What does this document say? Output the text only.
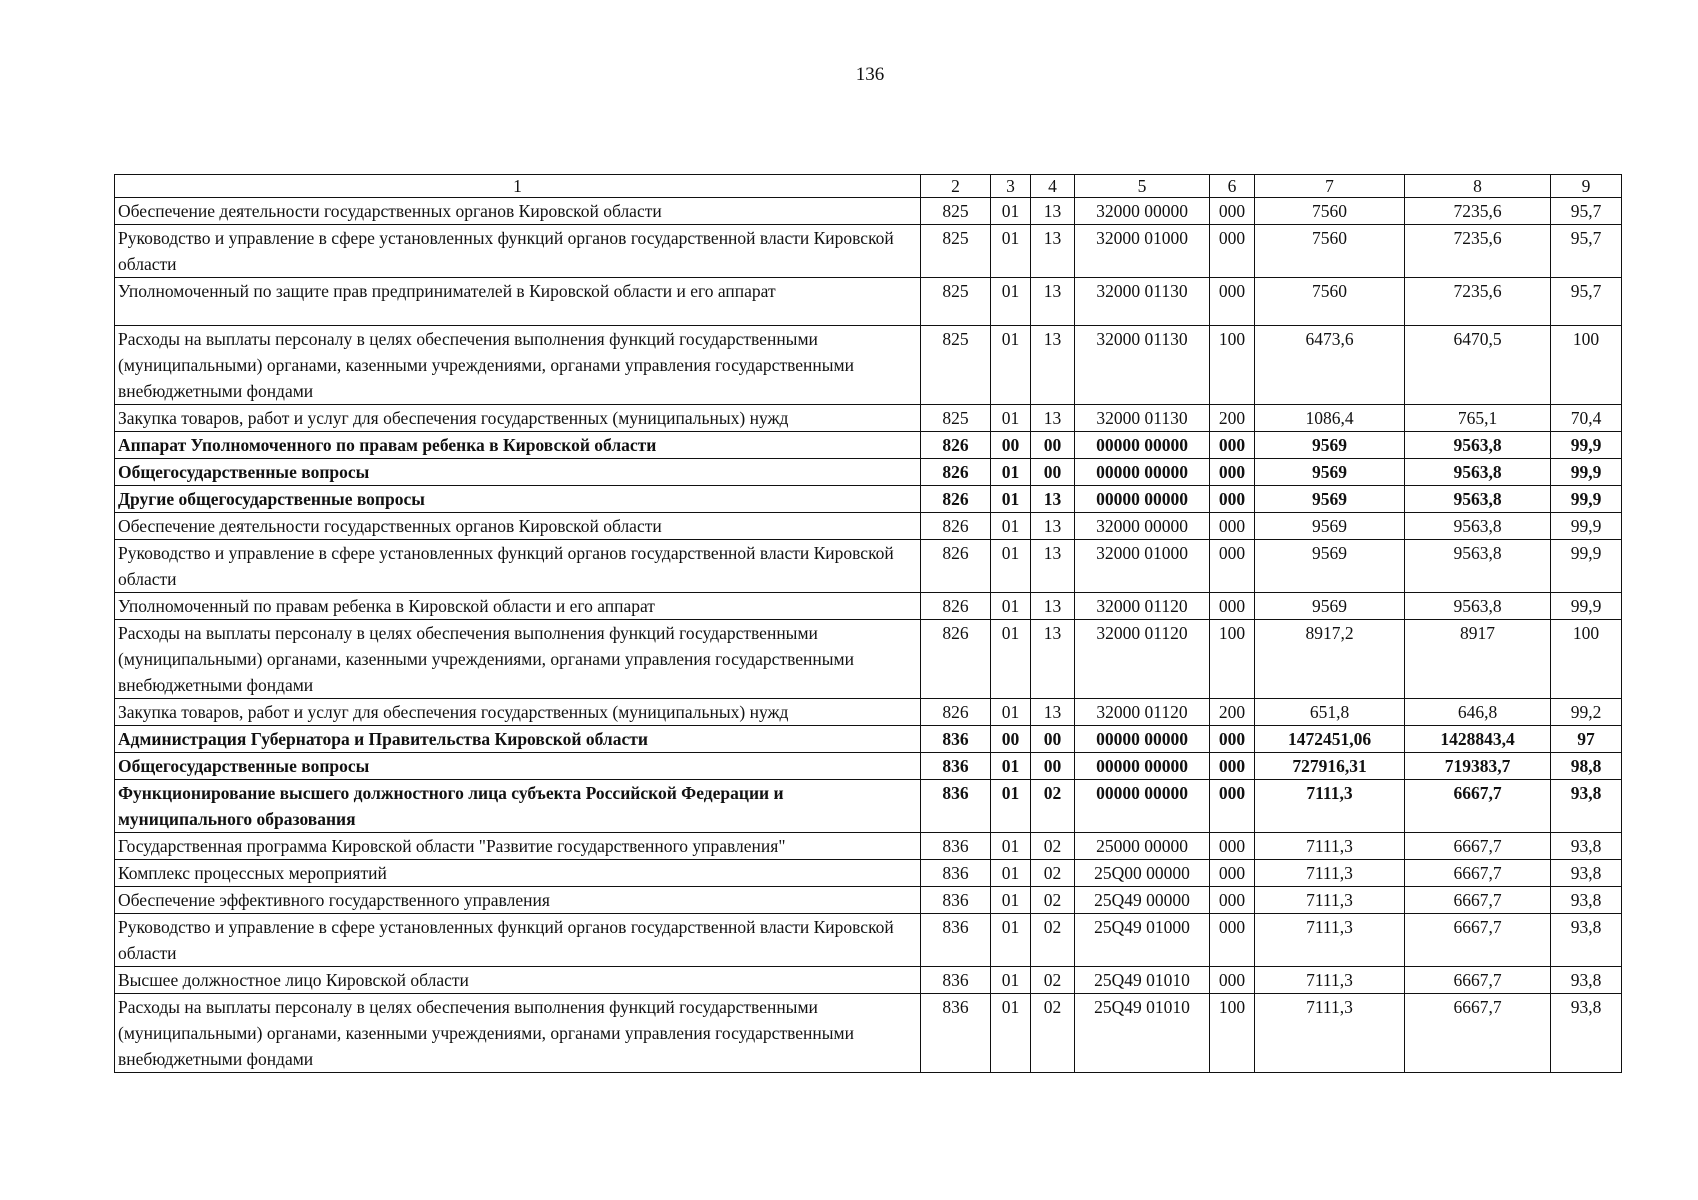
136
1	2	3	4	5	6	7	8	9
Обеспечение деятельности государственных органов Кировской области	825	01	13	32000 00000	000	7560	7235,6	95,7
Руководство и управление в сфере установленных функций органов государственной власти Кировской области	825	01	13	32000 01000	000	7560	7235,6	95,7
Уполномоченный по защите прав предпринимателей в Кировской области и его аппарат	825	01	13	32000 01130	000	7560	7235,6	95,7
Расходы на выплаты персоналу в целях обеспечения выполнения функций государственными (муниципальными) органами, казенными учреждениями, органами управления государственными внебюджетными фондами	825	01	13	32000 01130	100	6473,6	6470,5	100
Закупка товаров, работ и услуг для обеспечения государственных (муниципальных) нужд	825	01	13	32000 01130	200	1086,4	765,1	70,4
Аппарат Уполномоченного по правам ребенка в Кировской области	826	00	00	00000 00000	000	9569	9563,8	99,9
Общегосударственные вопросы	826	01	00	00000 00000	000	9569	9563,8	99,9
Другие общегосударственные вопросы	826	01	13	00000 00000	000	9569	9563,8	99,9
Обеспечение деятельности государственных органов Кировской области	826	01	13	32000 00000	000	9569	9563,8	99,9
Руководство и управление в сфере установленных функций органов государственной власти Кировской области	826	01	13	32000 01000	000	9569	9563,8	99,9
Уполномоченный по правам ребенка в Кировской области и его аппарат	826	01	13	32000 01120	000	9569	9563,8	99,9
Расходы на выплаты персоналу в целях обеспечения выполнения функций государственными (муниципальными) органами, казенными учреждениями, органами управления государственными внебюджетными фондами	826	01	13	32000 01120	100	8917,2	8917	100
Закупка товаров, работ и услуг для обеспечения государственных (муниципальных) нужд	826	01	13	32000 01120	200	651,8	646,8	99,2
Администрация Губернатора и Правительства Кировской области	836	00	00	00000 00000	000	1472451,06	1428843,4	97
Общегосударственные вопросы	836	01	00	00000 00000	000	727916,31	719383,7	98,8
Функционирование высшего должностного лица субъекта Российской Федерации и муниципального образования	836	01	02	00000 00000	000	7111,3	6667,7	93,8
Государственная программа Кировской области "Развитие государственного управления"	836	01	02	25000 00000	000	7111,3	6667,7	93,8
Комплекс процессных мероприятий	836	01	02	25Q00 00000	000	7111,3	6667,7	93,8
Обеспечение эффективного государственного управления	836	01	02	25Q49 00000	000	7111,3	6667,7	93,8
Руководство и управление в сфере установленных функций органов государственной власти Кировской области	836	01	02	25Q49 01000	000	7111,3	6667,7	93,8
Высшее должностное лицо Кировской области	836	01	02	25Q49 01010	000	7111,3	6667,7	93,8
Расходы на выплаты персоналу в целях обеспечения выполнения функций государственными (муниципальными) органами, казенными учреждениями, органами управления государственными внебюджетными фондами	836	01	02	25Q49 01010	100	7111,3	6667,7	93,8
